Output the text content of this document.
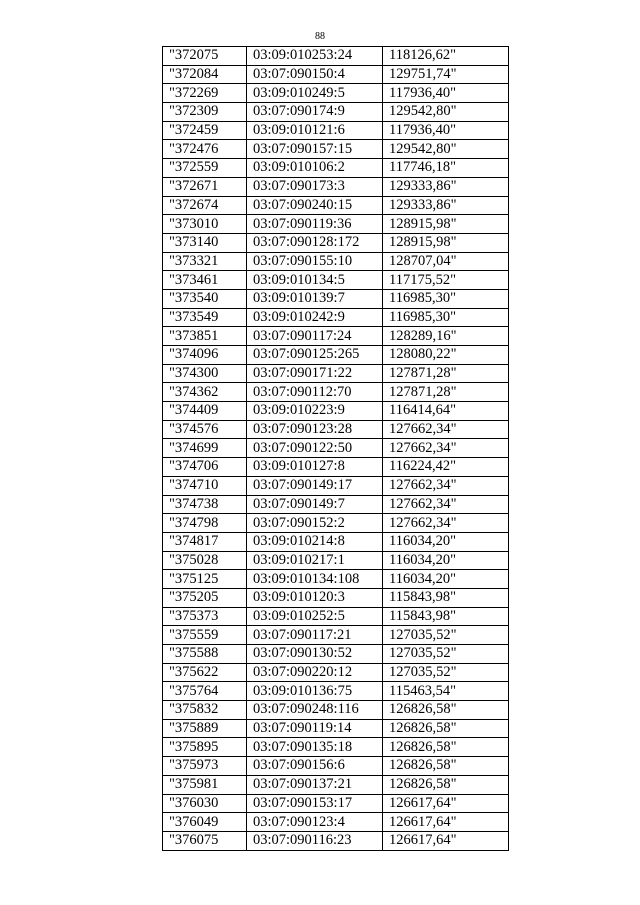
88
"372075	03:09:010253:24	118126,62"
"372084	03:07:090150:4	129751,74"
"372269	03:09:010249:5	117936,40"
"372309	03:07:090174:9	129542,80"
"372459	03:09:010121:6	117936,40"
"372476	03:07:090157:15	129542,80"
"372559	03:09:010106:2	117746,18"
"372671	03:07:090173:3	129333,86"
"372674	03:07:090240:15	129333,86"
"373010	03:07:090119:36	128915,98"
"373140	03:07:090128:172	128915,98"
"373321	03:07:090155:10	128707,04"
"373461	03:09:010134:5	117175,52"
"373540	03:09:010139:7	116985,30"
"373549	03:09:010242:9	116985,30"
"373851	03:07:090117:24	128289,16"
"374096	03:07:090125:265	128080,22"
"374300	03:07:090171:22	127871,28"
"374362	03:07:090112:70	127871,28"
"374409	03:09:010223:9	116414,64"
"374576	03:07:090123:28	127662,34"
"374699	03:07:090122:50	127662,34"
"374706	03:09:010127:8	116224,42"
"374710	03:07:090149:17	127662,34"
"374738	03:07:090149:7	127662,34"
"374798	03:07:090152:2	127662,34"
"374817	03:09:010214:8	116034,20"
"375028	03:09:010217:1	116034,20"
"375125	03:09:010134:108	116034,20"
"375205	03:09:010120:3	115843,98"
"375373	03:09:010252:5	115843,98"
"375559	03:07:090117:21	127035,52"
"375588	03:07:090130:52	127035,52"
"375622	03:07:090220:12	127035,52"
"375764	03:09:010136:75	115463,54"
"375832	03:07:090248:116	126826,58"
"375889	03:07:090119:14	126826,58"
"375895	03:07:090135:18	126826,58"
"375973	03:07:090156:6	126826,58"
"375981	03:07:090137:21	126826,58"
"376030	03:07:090153:17	126617,64"
"376049	03:07:090123:4	126617,64"
"376075	03:07:090116:23	126617,64"
